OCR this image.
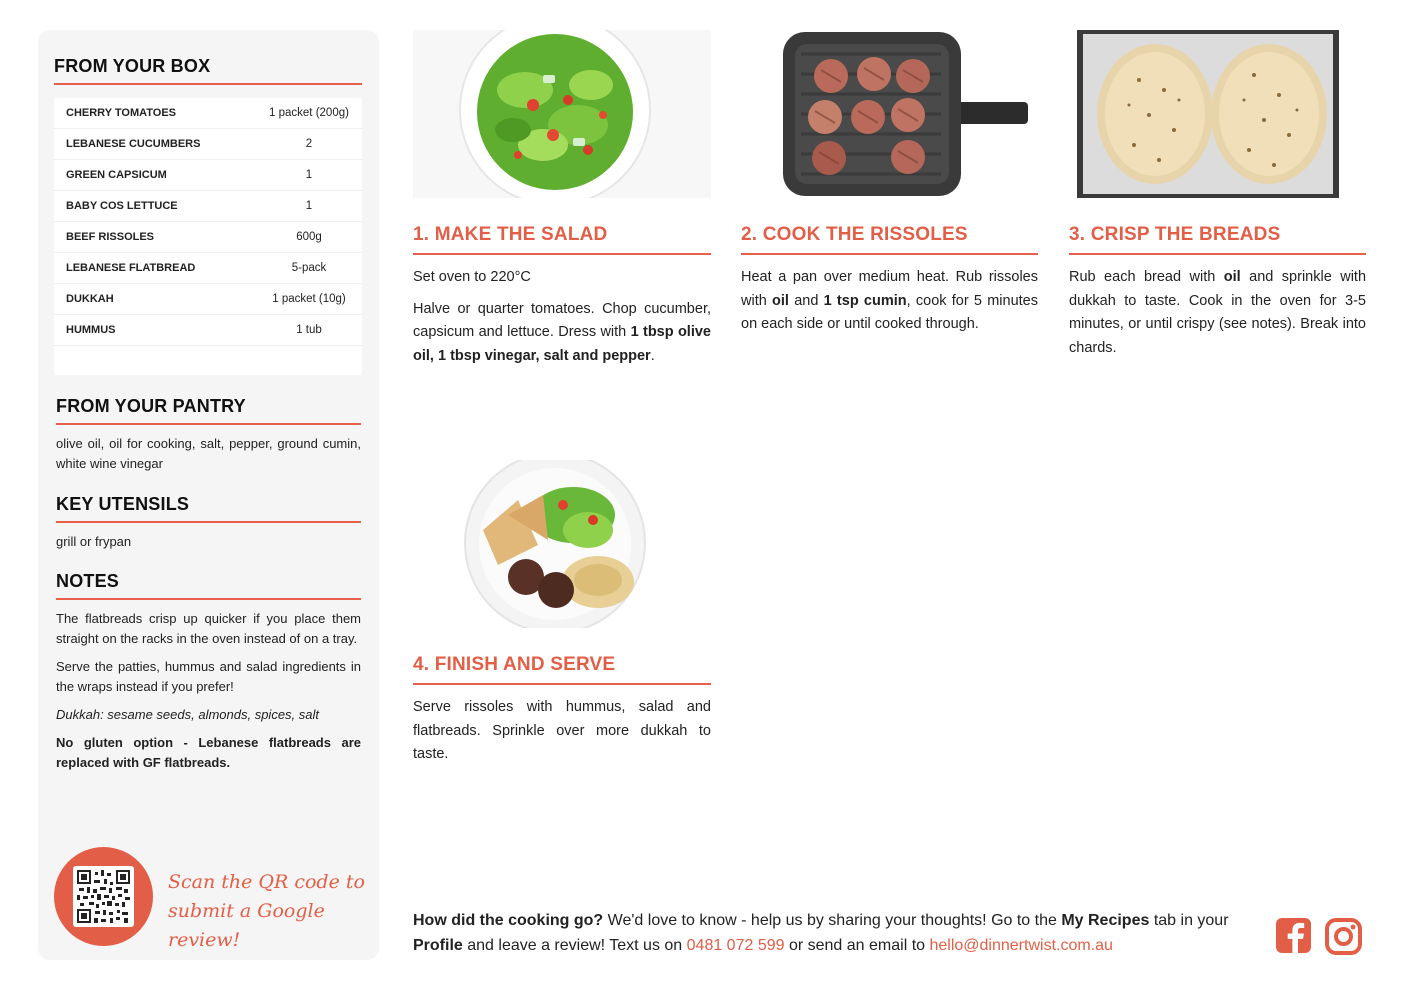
FROM YOUR BOX
CHERRY TOMATOES	1 packet (200g)
LEBANESE CUCUMBERS	2
GREEN CAPSICUM	1
BABY COS LETTUCE	1
BEEF RISSOLES	600g
LEBANESE FLATBREAD	5-pack
DUKKAH	1 packet (10g)
HUMMUS	1 tub
FROM YOUR PANTRY
olive oil, oil for cooking, salt, pepper, ground cumin, white wine vinegar
KEY UTENSILS
grill or frypan
NOTES
The flatbreads crisp up quicker if you place them straight on the racks in the oven instead of on a tray.
Serve the patties, hummus and salad ingredients in the wraps instead if you prefer!
Dukkah: sesame seeds, almonds, spices, salt
No gluten option - Lebanese flatbreads are replaced with GF flatbreads.
Scan the QR code to
submit a Google review!
1. MAKE THE SALAD

Set oven to 220°C

Halve or quarter tomatoes. Chop cucumber, capsicum and lettuce. Dress with 1 tbsp olive oil, 1 tbsp vinegar, salt and pepper.

2. COOK THE RISSOLES

Heat a pan over medium heat. Rub rissoles with oil and 1 tsp cumin, cook for 5 minutes on each side or until cooked through.

3. CRISP THE BREADS

Rub each bread with oil and sprinkle with dukkah to taste. Cook in the oven for 3-5 minutes, or until crispy (see notes). Break into chards.

4. FINISH AND SERVE

Serve rissoles with hummus, salad and flatbreads. Sprinkle over more dukkah to taste.

How did the cooking go? We'd love to know - help us by sharing your thoughts! Go to the My Recipes tab in your Profile and leave a review! Text us on 0481 072 599 or send an email to hello@dinnertwist.com.au
